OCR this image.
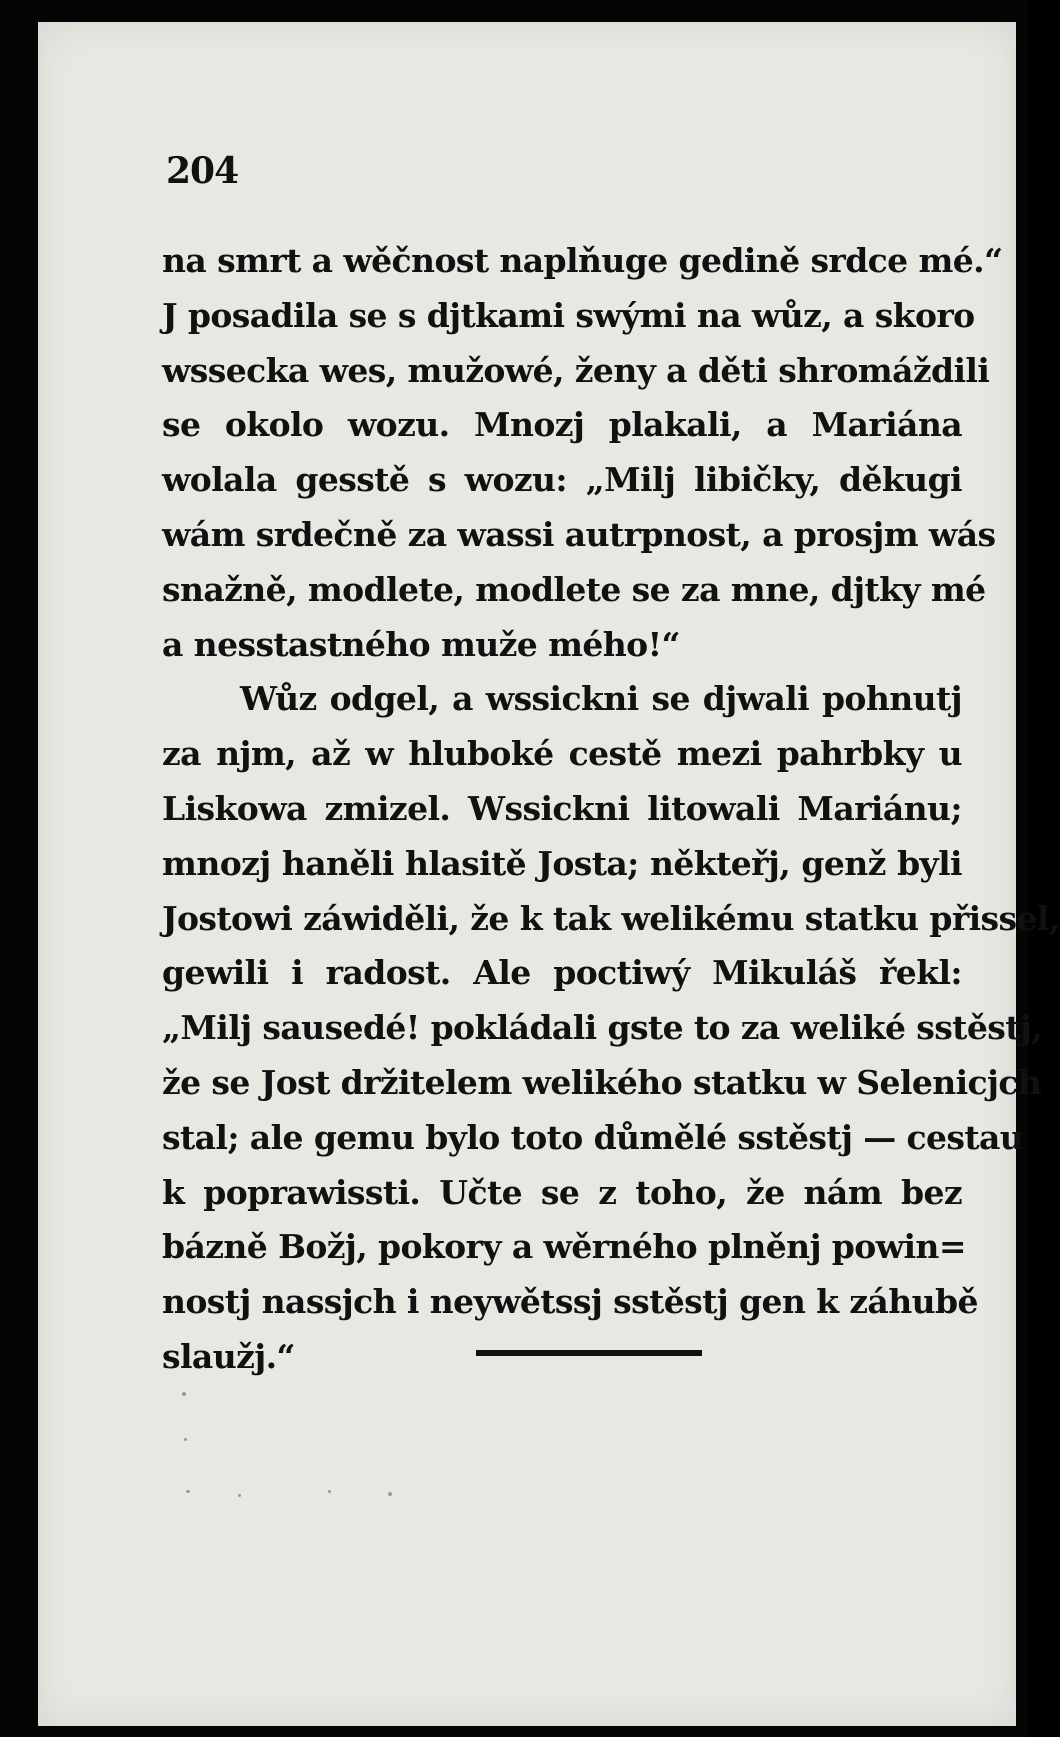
204
na smrt a wěčnost naplňuge gedině srdce mé.“
J posadila se s djtkami swými na wůz, a skoro
wssecka wes, mužowé, ženy a děti shromáždili
se okolo wozu. Mnozj plakali, a Mariána
wolala gesstě s wozu: „Milj libičky, děkugi
wám srdečně za wassi autrpnost, a prosjm wás
snažně, modlete, modlete se za mne, djtky mé
a nesstastného muže mého!“
Wůz odgel, a wssickni se djwali pohnutj
za njm, až w hluboké cestě mezi pahrbky u
Liskowa zmizel. Wssickni litowali Mariánu;
mnozj haněli hlasitě Josta; někteřj, genž byli
Jostowi záwiděli, že k tak welikému statku přissel,
gewili i radost. Ale poctiwý Mikuláš řekl:
„Milj sausedé! pokládali gste to za weliké sstěstj,
že se Jost držitelem welikého statku w Selenicjch
stal; ale gemu bylo toto důmělé sstěstj — cestau
k poprawissti. Učte se z toho, že nám bez
bázně Božj, pokory a wěrného plněnj powin=
nostj nassjch i neywětssj sstěstj gen k záhubě
slaužj.“
